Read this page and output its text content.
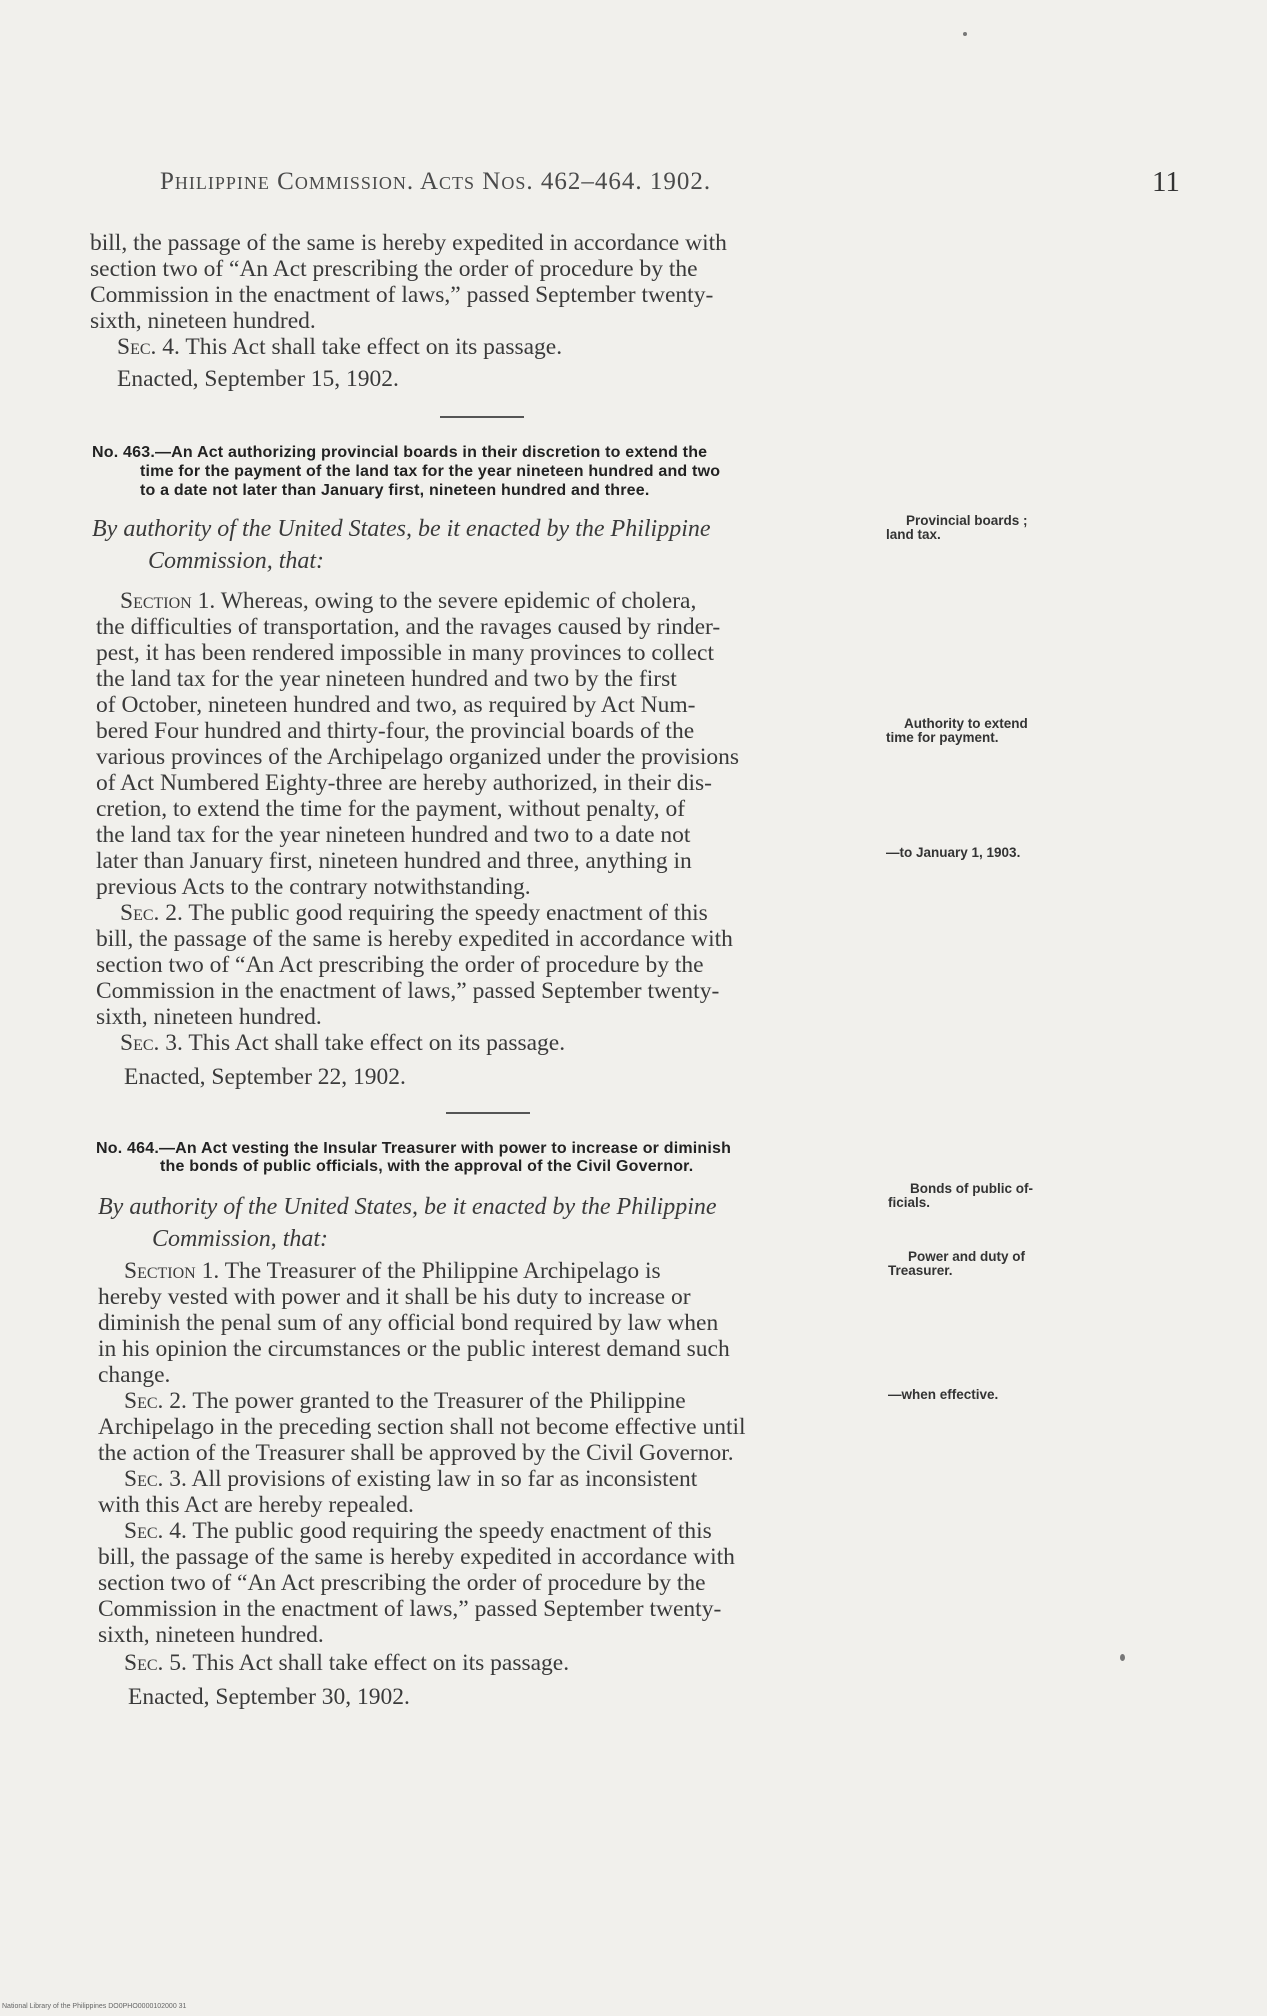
Philippine Commission. Acts Nos. 462–464. 1902.	11
bill, the passage of the same is hereby expedited in accordance with
section two of “An Act prescribing the order of procedure by the
Commission in the enactment of laws,” passed September twenty-
sixth, nineteen hundred.
Sec. 4. This Act shall take effect on its passage.
Enacted, September 15, 1902.
No. 463.—An Act authorizing provincial boards in their discretion to extend the
time for the payment of the land tax for the year nineteen hundred and two
to a date not later than January first, nineteen hundred and three.
By authority of the United States, be it enacted by the Philippine
Commission, that:
Provincial boards ;
land tax.
Authority to extend
time for payment.
—to January 1, 1903.
Section 1. Whereas, owing to the severe epidemic of cholera,
the difficulties of transportation, and the ravages caused by rinder-
pest, it has been rendered impossible in many provinces to collect
the land tax for the year nineteen hundred and two by the first
of October, nineteen hundred and two, as required by Act Num-
bered Four hundred and thirty-four, the provincial boards of the
various provinces of the Archipelago organized under the provisions
of Act Numbered Eighty-three are hereby authorized, in their dis-
cretion, to extend the time for the payment, without penalty, of
the land tax for the year nineteen hundred and two to a date not
later than January first, nineteen hundred and three, anything in
previous Acts to the contrary notwithstanding.
Sec. 2. The public good requiring the speedy enactment of this
bill, the passage of the same is hereby expedited in accordance with
section two of “An Act prescribing the order of procedure by the
Commission in the enactment of laws,” passed September twenty-
sixth, nineteen hundred.
Sec. 3. This Act shall take effect on its passage.
Enacted, September 22, 1902.
No. 464.—An Act vesting the Insular Treasurer with power to increase or diminish
the bonds of public officials, with the approval of the Civil Governor.
By authority of the United States, be it enacted by the Philippine
Commission, that:
Bonds of public of-
ficials.
Power and duty of
Treasurer.
—when effective.
Section 1. The Treasurer of the Philippine Archipelago is
hereby vested with power and it shall be his duty to increase or
diminish the penal sum of any official bond required by law when
in his opinion the circumstances or the public interest demand such
change.
Sec. 2. The power granted to the Treasurer of the Philippine
Archipelago in the preceding section shall not become effective until
the action of the Treasurer shall be approved by the Civil Governor.
Sec. 3. All provisions of existing law in so far as inconsistent
with this Act are hereby repealed.
Sec. 4. The public good requiring the speedy enactment of this
bill, the passage of the same is hereby expedited in accordance with
section two of “An Act prescribing the order of procedure by the
Commission in the enactment of laws,” passed September twenty-
sixth, nineteen hundred.
Sec. 5. This Act shall take effect on its passage.
Enacted, September 30, 1902.
National Library of the Philippines DO0PHO0000102000 31
